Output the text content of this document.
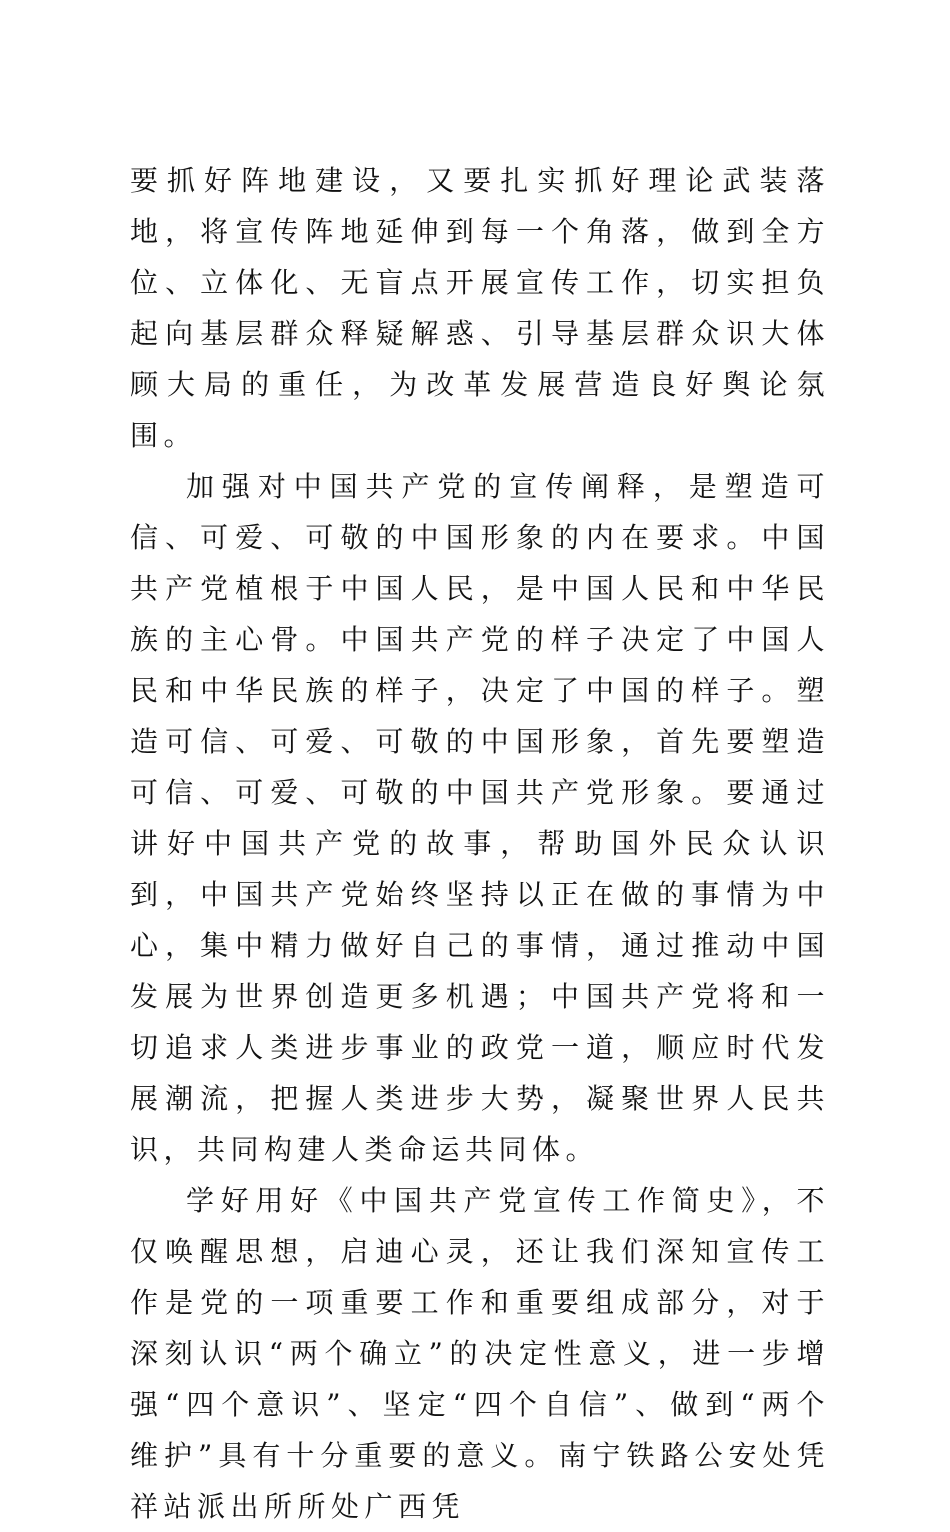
要抓好阵地建设，又要扎实抓好理论武装落地，将宣传阵地延伸到每一个角落，做到全方位、立体化、无盲点开展宣传工作，切实担负起向基层群众释疑解惑、引导基层群众识大体顾大局的重任，为改革发展营造良好舆论氛围。

加强对中国共产党的宣传阐释，是塑造可信、可爱、可敬的中国形象的内在要求。中国共产党植根于中国人民，是中国人民和中华民族的主心骨。中国共产党的样子决定了中国人民和中华民族的样子，决定了中国的样子。塑造可信、可爱、可敬的中国形象，首先要塑造可信、可爱、可敬的中国共产党形象。要通过讲好中国共产党的故事，帮助国外民众认识到，中国共产党始终坚持以正在做的事情为中心，集中精力做好自己的事情，通过推动中国发展为世界创造更多机遇；中国共产党将和一切追求人类进步事业的政党一道，顺应时代发展潮流，把握人类进步大势，凝聚世界人民共识，共同构建人类命运共同体。

学好用好《中国共产党宣传工作简史》，不仅唤醒思想，启迪心灵，还让我们深知宣传工作是党的一项重要工作和重要组成部分，对于深刻认识“两个确立”的决定性意义，进一步增强“四个意识”、坚定“四个自信”、做到“两个维护”具有十分重要的意义。南宁铁路公安处凭祥站派出所所处广西凭
